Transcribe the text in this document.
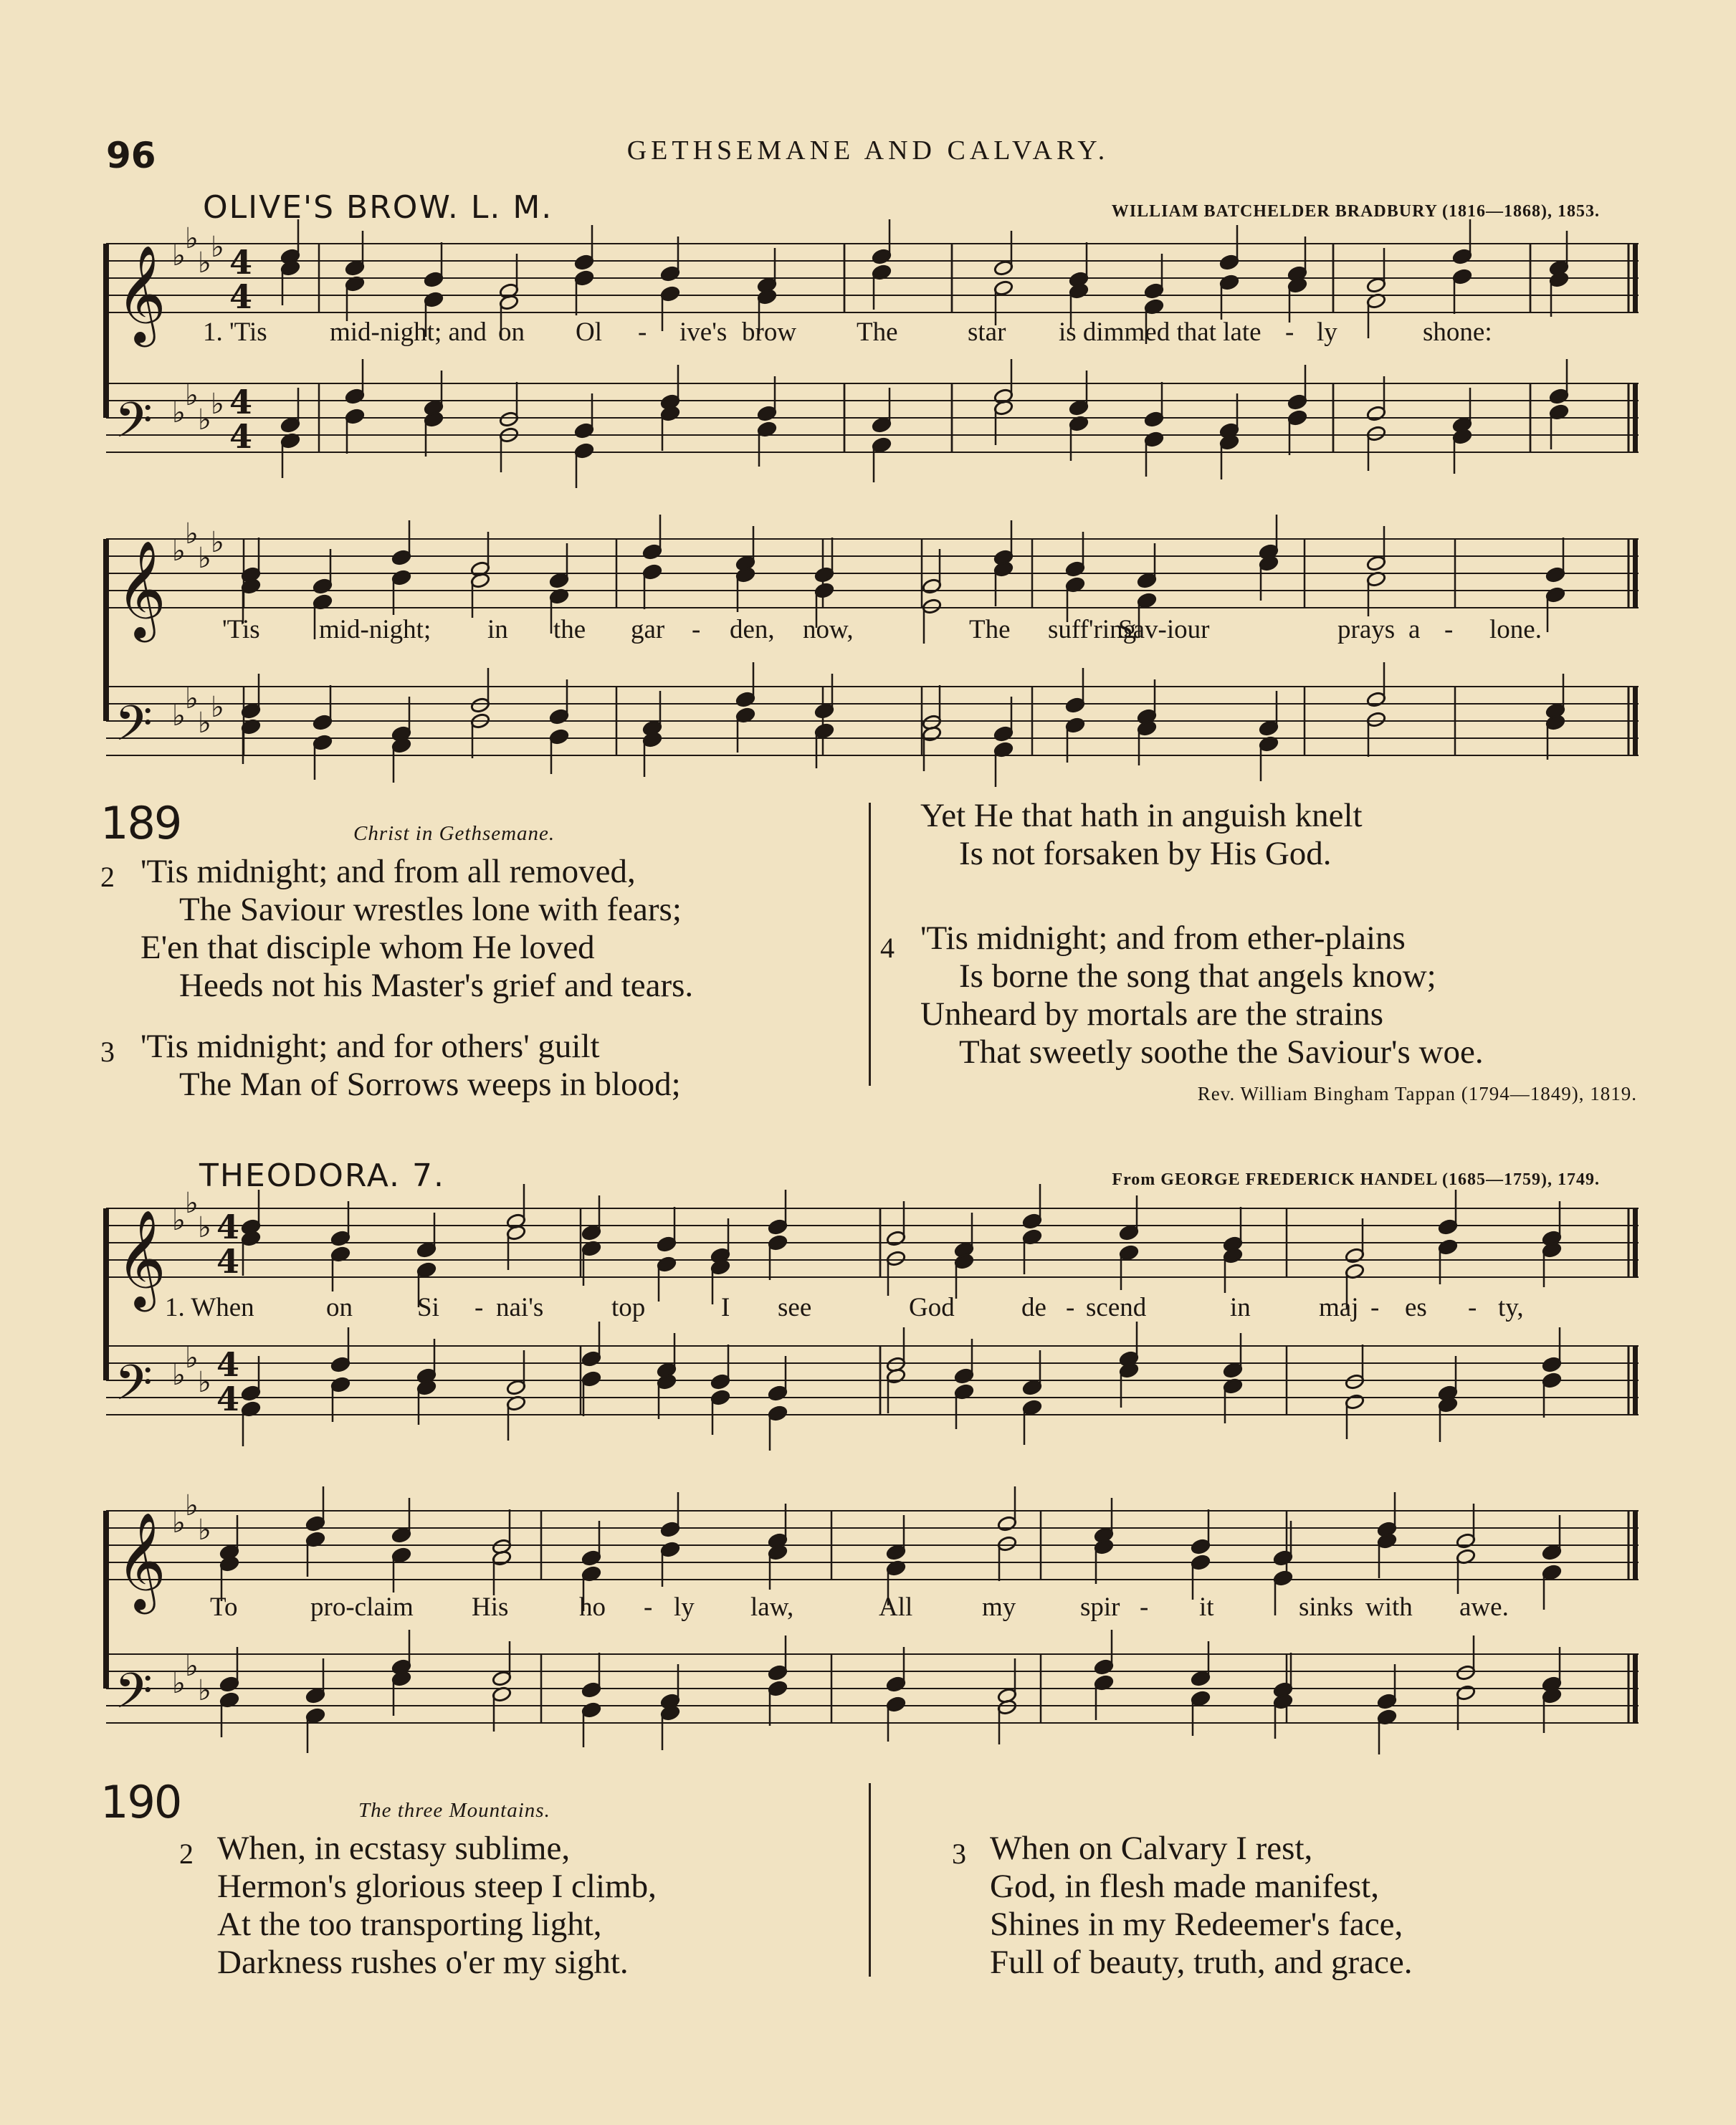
96	GETHSEMANE AND CALVARY.
OLIVE'S BROW. L. M.	WILLIAM BATCHELDER BRADBURY (1816—1868), 1853.
𝄞 ♭
♭
♭ ♭ 4
4
𝄢 ♭
♭
♭ ♭ 4
4
𝄞 ♭
♭
♭ ♭
𝄢 ♭
♭
♭ ♭
𝄞 ♭
♭
♭ 4
4
𝄢 ♭
♭
♭ 4
4
𝄞 ♭
♭
♭
𝄢 ♭
♭
♭
1. 'Tis mid-night; and on Ol - ive's brow The	star is dimmed that late - ly	shone:
'Tis mid-night; in the gar - den, now,	The suff'ring
Sav-iour	prays a - lone.
1. When	on Si - nai's	top	I see	God	de - scend	in	maj - es - ty,
To	pro-claim His	ho - ly law,	All	my spir - it	sinks with awe.
THEODORA. 7.	From GEORGE FREDERICK HANDEL (1685—1759), 1749.
189	Christ in Gethsemane.
2 'Tis midnight; and from all removed,
The Saviour wrestles lone with fears;
E'en that disciple whom He loved
Heeds not his Master's grief and tears.
3 'Tis midnight; and for others' guilt
The Man of Sorrows weeps in blood;
Yet He that hath in anguish knelt
Is not forsaken by His God.
4 'Tis midnight; and from ether-plains
Is borne the song that angels know;
Unheard by mortals are the strains
That sweetly soothe the Saviour's woe.
Rev. William Bingham Tappan (1794—1849), 1819.
190	The three Mountains.
2 When, in ecstasy sublime,
Hermon's glorious steep I climb,
At the too transporting light,
Darkness rushes o'er my sight.
3 When on Calvary I rest,
God, in flesh made manifest,
Shines in my Redeemer's face,
Full of beauty, truth, and grace.
